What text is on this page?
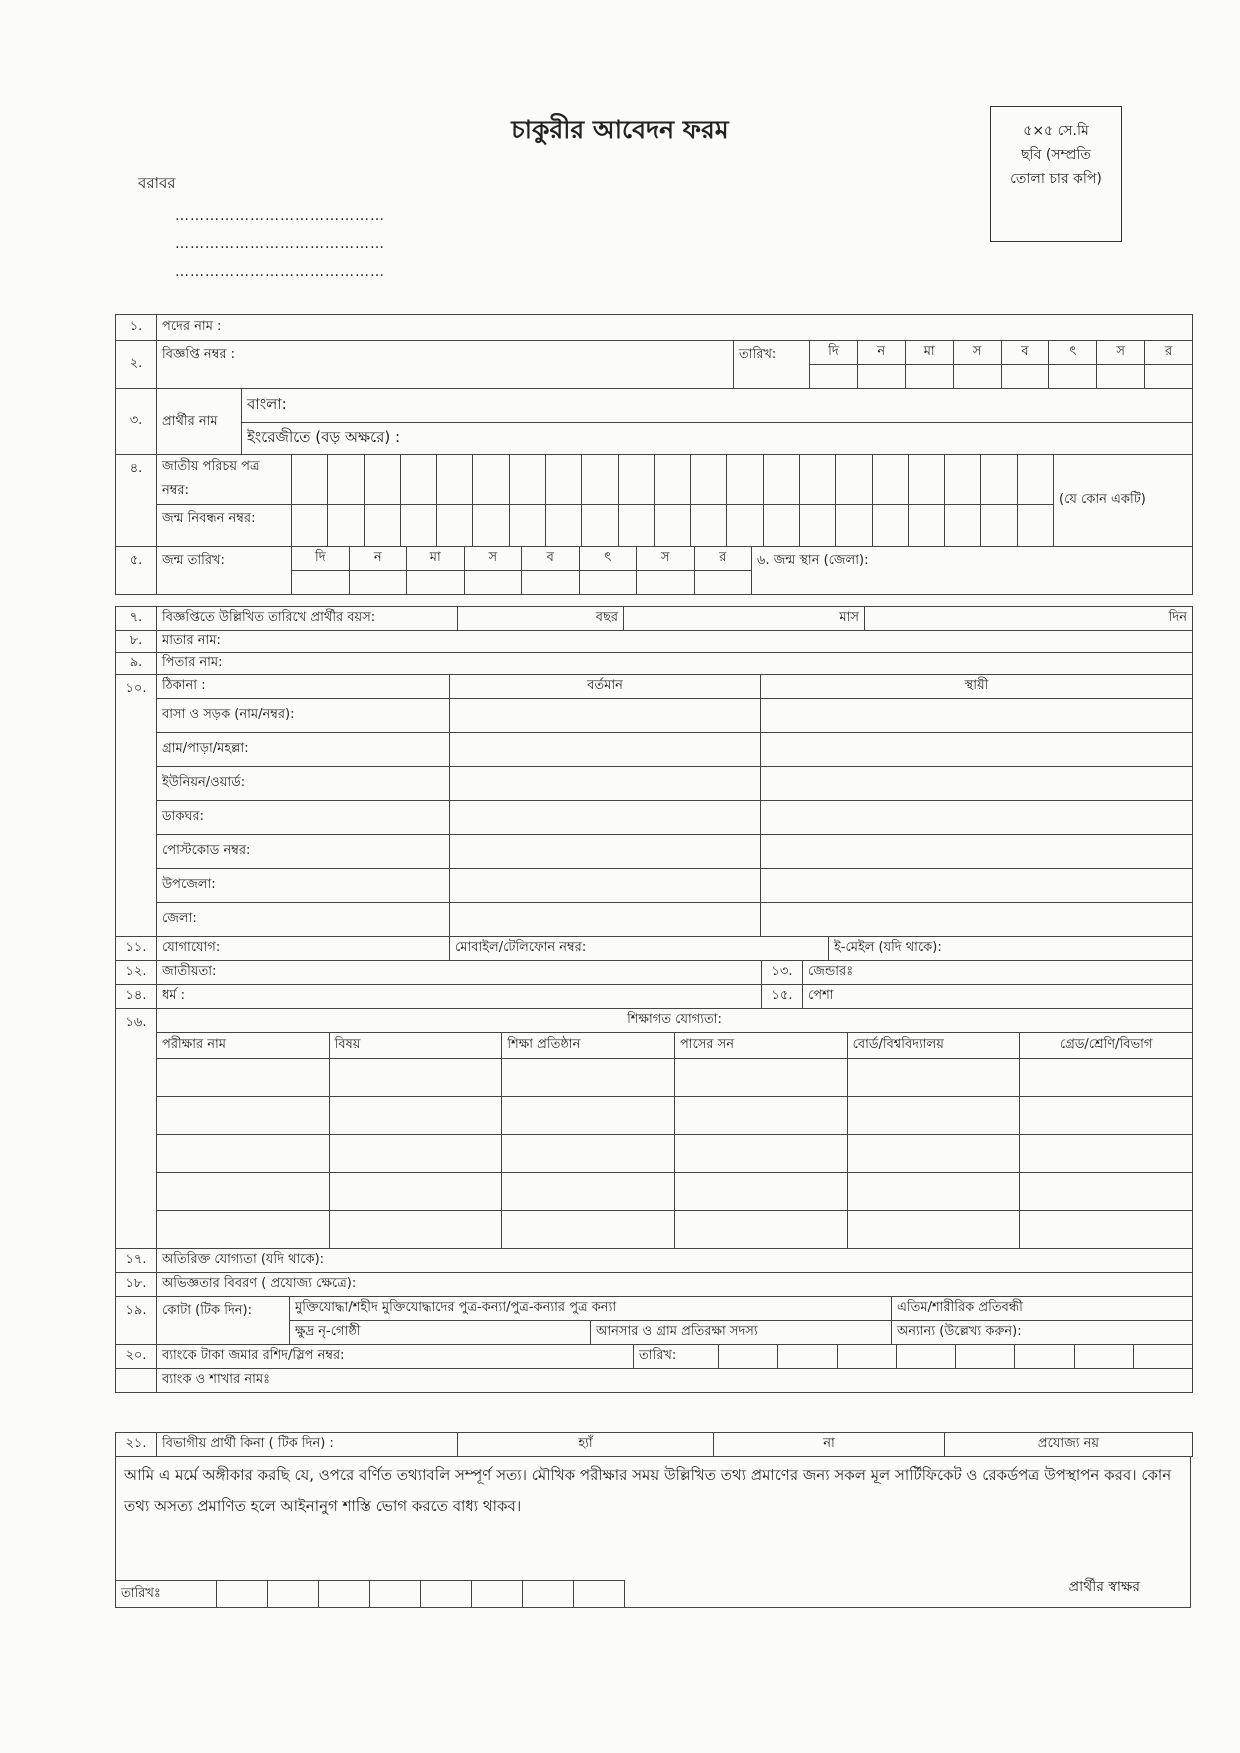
চাকুরীর আবেদন ফরম	৫×৫ সে.মি
ছবি (সম্প্রতি
তোলা চার কপি)
বরাবর
……………………………………
……………………………………
……………………………………
১.	পদের নাম :
২.	বিজ্ঞপ্তি নম্বর :	তারিখ:	দি	ন	মা	স	ব	ৎ	স	র

৩.	প্রার্থীর নাম	বাংলা:
ইংরেজীতে (বড় অক্ষরে) :
৪.	জাতীয় পরিচয় পত্র নম্বর:																						(যে কোন একটি)
	জন্ম নিবন্ধন নম্বর:																						
৫.	জন্ম তারিখ:	দি	ন	মা	স	ব	ৎ	স	র	৬. জন্ম স্থান (জেলা):

৭.	বিজ্ঞপ্তিতে উল্লিখিত তারিখে প্রার্থীর বয়স:	বছর	মাস	দিন
৮.	মাতার নাম:
৯.	পিতার নাম:
১০.	ঠিকানা :	বর্তমান	স্থায়ী
	বাসা ও সড়ক (নাম/নম্বর):		
	গ্রাম/পাড়া/মহল্লা:		
	ইউনিয়ন/ওয়ার্ড:		
	ডাকঘর:		
	পোস্টকোড নম্বর:		
	উপজেলা:		
	জেলা:		
১১.	যোগাযোগ:	মোবাইল/টেলিফোন নম্বর:	ই-মেইল (যদি থাকে):
১২.	জাতীয়তা:	১৩.	জেন্ডারঃ
১৪.	ধর্ম :	১৫.	পেশা
১৬.	শিক্ষাগত যোগ্যতা:					
	পরীক্ষার নাম	বিষয়	শিক্ষা প্রতিষ্ঠান	পাসের সন	বোর্ড/বিশ্ববিদ্যালয়	গ্রেড/শ্রেণি/বিভাগ

১৭.	অতিরিক্ত যোগ্যতা (যদি থাকে):
১৮.	অভিজ্ঞতার বিবরণ ( প্রযোজ্য ক্ষেত্রে):
১৯.	কোটা (টিক দিন):	মুক্তিযোদ্ধা/শহীদ মুক্তিযোদ্ধাদের পুত্র-কন্যা/পুত্র-কন্যার পুত্র কন্যা		এতিম/শারীরিক প্রতিবন্ধী
		ক্ষুদ্র নৃ-গোষ্ঠী	আনসার ও গ্রাম প্রতিরক্ষা সদস্য	অন্যান্য (উল্লেখ্য করুন):
২০.	ব্যাংকে টাকা জমার রশিদ/স্লিপ নম্বর:	তারিখ:								
	ব্যাংক ও শাখার নামঃ
২১.	বিভাগীয় প্রার্থী কিনা ( টিক দিন) :	হ্যাঁ	না	প্রযোজ্য নয়
আমি এ মর্মে অঙ্গীকার করছি যে, ওপরে বর্ণিত তথ্যাবলি সম্পূর্ণ সত্য। মৌখিক পরীক্ষার সময় উল্লিখিত তথ্য প্রমাণের জন্য সকল মূল সার্টিফিকেট ও রেকর্ডপত্র উপস্থাপন করব। কোন তথ্য অসত্য প্রমাণিত হলে আইনানুগ শাস্তি ভোগ করতে বাধ্য থাকব।
তারিখঃ									প্রার্থীর স্বাক্ষর
